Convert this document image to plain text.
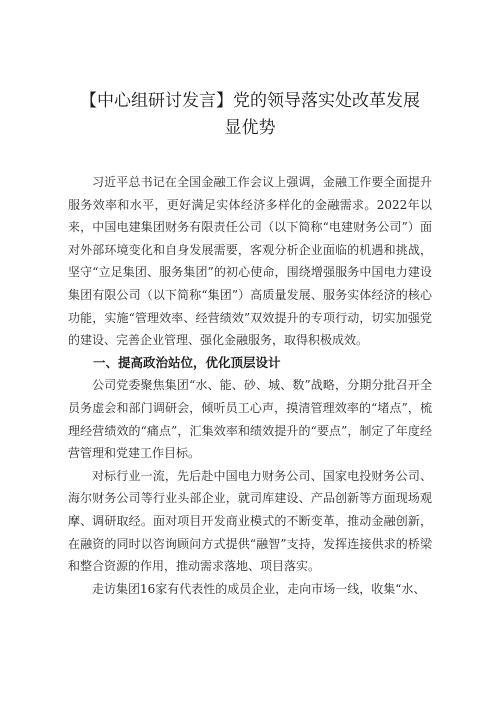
【中心组研讨发言】党的领导落实处改革发展
显优势

习近平总书记在全国金融工作会议上强调，金融工作要全面提升服务效率和水平，更好满足实体经济多样化的金融需求。2022年以来，中国电建集团财务有限责任公司（以下简称“电建财务公司”）面对外部环境变化和自身发展需要，客观分析企业面临的机遇和挑战，坚守“立足集团、服务集团”的初心使命，围绕增强服务中国电力建设集团有限公司（以下简称“集团”）高质量发展、服务实体经济的核心功能，实施“管理效率、经营绩效”双效提升的专项行动，切实加强党的建设、完善企业管理、强化金融服务，取得积极成效。

一、提高政治站位，优化顶层设计

公司党委聚焦集团“水、能、砂、城、数”战略，分期分批召开全员务虚会和部门调研会，倾听员工心声，摸清管理效率的“堵点”，梳理经营绩效的“痛点”，汇集效率和绩效提升的“要点”，制定了年度经营管理和党建工作目标。

对标行业一流，先后赴中国电力财务公司、国家电投财务公司、海尔财务公司等行业头部企业，就司库建设、产品创新等方面现场观摩、调研取经。面对项目开发商业模式的不断变革，推动金融创新，在融资的同时以咨询顾问方式提供“融智”支持，发挥连接供求的桥梁和整合资源的作用，推动需求落地、项目落实。

走访集团16家有代表性的成员企业，走向市场一线，收集“水、
